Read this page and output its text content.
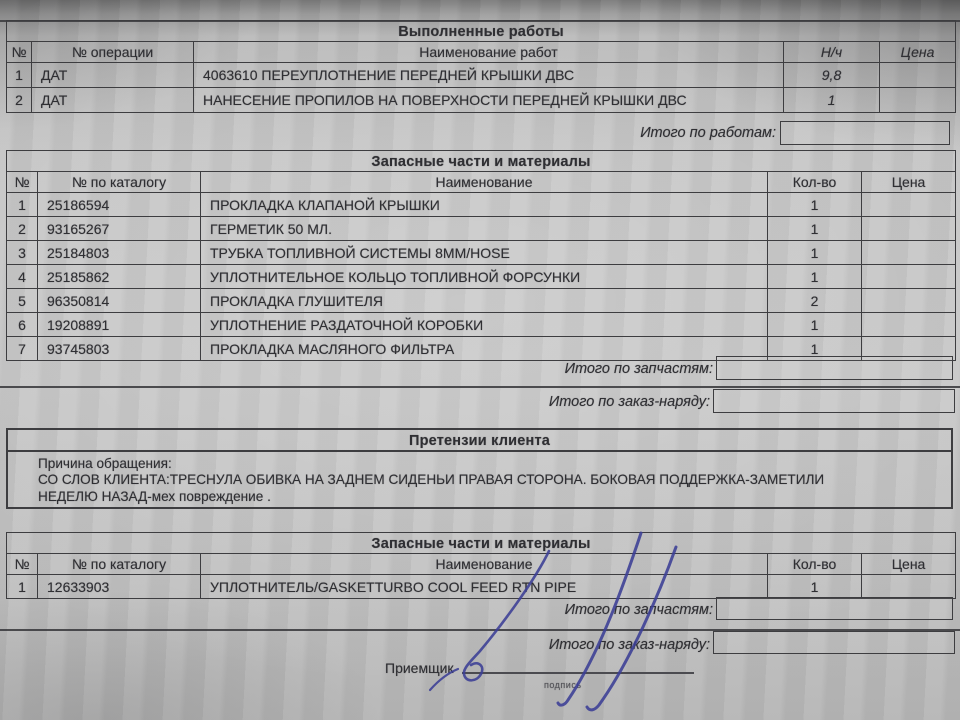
Выполненные работы				
№	№ операции	Наименование работ	Н/ч	Цена
1	ДАТ	4063610 ПЕРЕУПЛОТНЕНИЕ ПЕРЕДНЕЙ КРЫШКИ ДВС	9,8	
2	ДАТ	НАНЕСЕНИЕ ПРОПИЛОВ НА ПОВЕРХНОСТИ ПЕРЕДНЕЙ КРЫШКИ ДВС	1	
Итого по работам:
Запасные части и материалы				
№	№ по каталогу	Наименование	Кол-во	Цена
1	25186594	ПРОКЛАДКА КЛАПАНОЙ КРЫШКИ	1	
2	93165267	ГЕРМЕТИК 50 МЛ.	1	
3	25184803	ТРУБКА ТОПЛИВНОЙ СИСТЕМЫ 8ММ/HOSE	1	
4	25185862	УПЛОТНИТЕЛЬНОЕ КОЛЬЦО ТОПЛИВНОЙ ФОРСУНКИ	1	
5	96350814	ПРОКЛАДКА ГЛУШИТЕЛЯ	2	
6	19208891	УПЛОТНЕНИЕ РАЗДАТОЧНОЙ КОРОБКИ	1	
7	93745803	ПРОКЛАДКА МАСЛЯНОГО ФИЛЬТРА	1	
Итого по запчастям:
Итого по заказ-наряду:
Претензии клиента
Причина обращения:
СО СЛОВ КЛИЕНТА:ТРЕСНУЛА ОБИВКА НА ЗАДНЕМ СИДЕНЬИ ПРАВАЯ СТОРОНА. БОКОВАЯ ПОДДЕРЖКА-ЗАМЕТИЛИ
НЕДЕЛЮ НАЗАД-мех повреждение .
Запасные части и материалы				
№	№ по каталогу	Наименование	Кол-во	Цена
1	12633903	УПЛОТНИТЕЛЬ/GASKETTURBO COOL FEED RTN PIPE	1	
Итого по запчастям:
Итого по заказ-наряду:
Приемщик
подпись
